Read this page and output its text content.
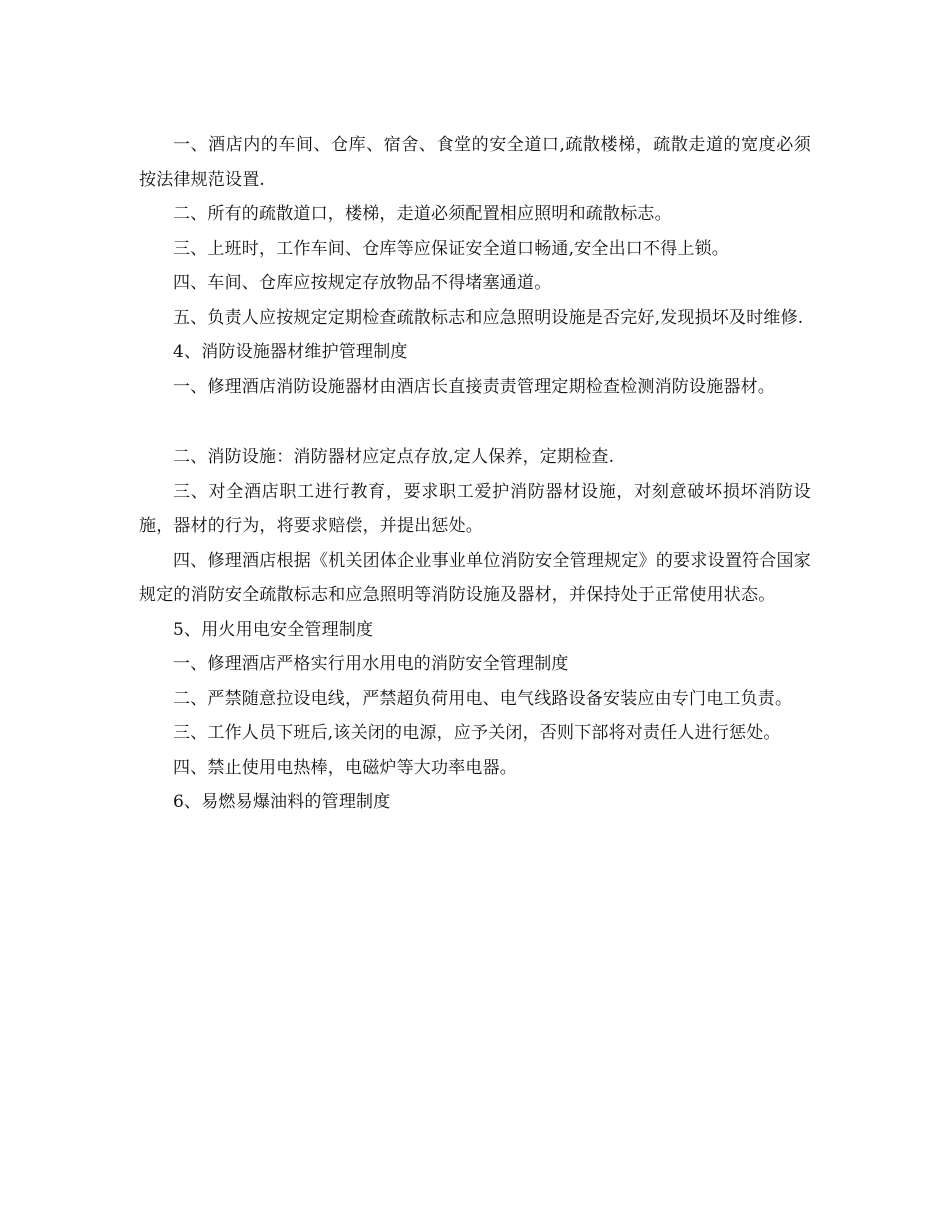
一、酒店内的车间、仓库、宿舍、食堂的安全道口,疏散楼梯，疏散走道的宽度必须按法律规范设置.

二、所有的疏散道口，楼梯，走道必须配置相应照明和疏散标志。

三、上班时，工作车间、仓库等应保证安全道口畅通,安全出口不得上锁。

四、车间、仓库应按规定存放物品不得堵塞通道。

五、负责人应按规定定期检查疏散标志和应急照明设施是否完好,发现损坏及时维修.

4、消防设施器材维护管理制度

一、修理酒店消防设施器材由酒店长直接责责管理定期检查检测消防设施器材。

二、消防设施：消防器材应定点存放,定人保养，定期检查.

三、对全酒店职工进行教育，要求职工爱护消防器材设施，对刻意破坏损坏消防设施，器材的行为，将要求赔偿，并提出惩处。

四、修理酒店根据《机关团体企业事业单位消防安全管理规定》的要求设置符合国家规定的消防安全疏散标志和应急照明等消防设施及器材，并保持处于正常使用状态。

5、用火用电安全管理制度

一、修理酒店严格实行用水用电的消防安全管理制度

二、严禁随意拉设电线，严禁超负荷用电、电气线路设备安装应由专门电工负责。

三、工作人员下班后,该关闭的电源，应予关闭，否则下部将对责任人进行惩处。

四、禁止使用电热棒，电磁炉等大功率电器。

6、易燃易爆油料的管理制度
